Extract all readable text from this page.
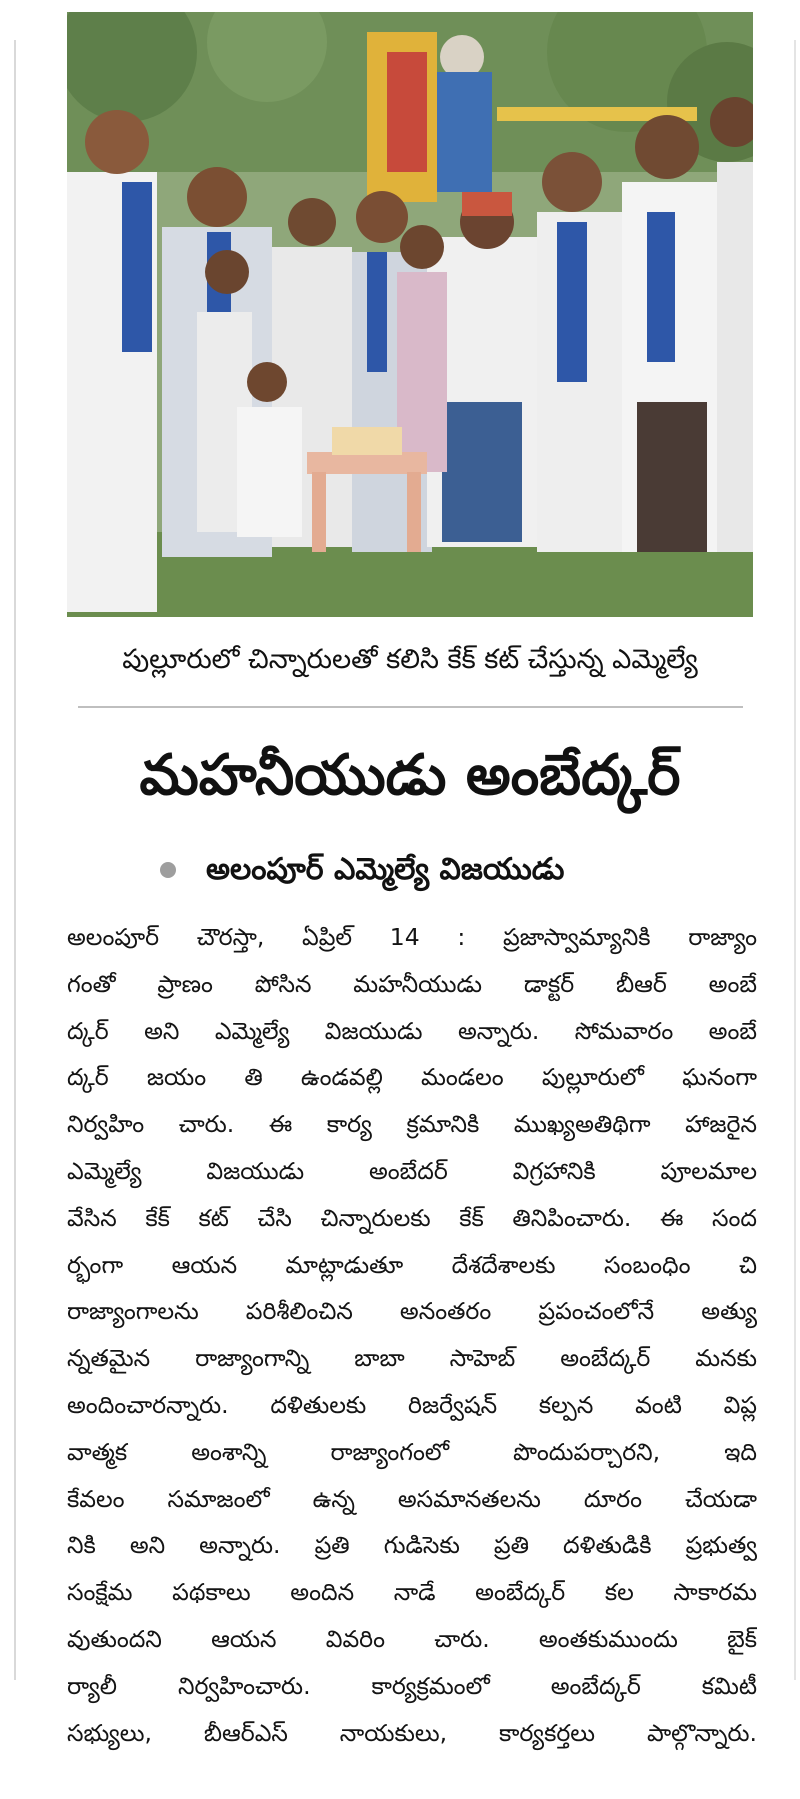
పుల్లూరులో చిన్నారులతో కలిసి కేక్ కట్ చేస్తున్న ఎమ్మెల్యే
మహనీయుడు అంబేద్కర్
అలంపూర్ ఎమ్మెల్యే విజయుడు
అలంపూర్ చౌరస్తా, ఏప్రిల్ 14 : ప్రజాస్వామ్యానికి రాజ్యాం
గంతో ప్రాణం పోసిన మహనీయుడు డాక్టర్ బీఆర్ అంబే
ద్కర్ అని ఎమ్మెల్యే విజయుడు అన్నారు. సోమవారం అంబే
ద్కర్ జయం తి ఉండవల్లి మండలం పుల్లూరులో ఘనంగా
నిర్వహిం చారు. ఈ కార్య క్రమానికి ముఖ్యఅతిథిగా హాజరైన
ఎమ్మెల్యే విజయుడు అంబేదర్ విగ్రహానికి పూలమాల
వేసిన కేక్ కట్ చేసి చిన్నారులకు కేక్ తినిపించారు. ఈ సంద
ర్భంగా ఆయన మాట్లాడుతూ దేశదేశాలకు సంబంధిం చి
రాజ్యాంగాలను పరిశీలించిన అనంతరం ప్రపంచంలోనే అత్యు
న్నతమైన రాజ్యాంగాన్ని బాబా సాహెబ్ అంబేద్కర్ మనకు
అందించారన్నారు. దళితులకు రిజర్వేషన్ కల్పన వంటి విప్ల
వాత్మక అంశాన్ని రాజ్యాంగంలో పొందుపర్చారని, ఇది
కేవలం సమాజంలో ఉన్న అసమానతలను దూరం చేయడా
నికి అని అన్నారు. ప్రతి గుడిసెకు ప్రతి దళితుడికి ప్రభుత్వ
సంక్షేమ పథకాలు అందిన నాడే అంబేద్కర్ కల సాకారమ
వుతుందని ఆయన వివరిం చారు. అంతకుముందు బైక్
ర్యాలీ నిర్వహించారు. కార్యక్రమంలో అంబేద్కర్ కమిటీ
సభ్యులు, బీఆర్ఎస్ నాయకులు, కార్యకర్తలు పాల్గొన్నారు.
